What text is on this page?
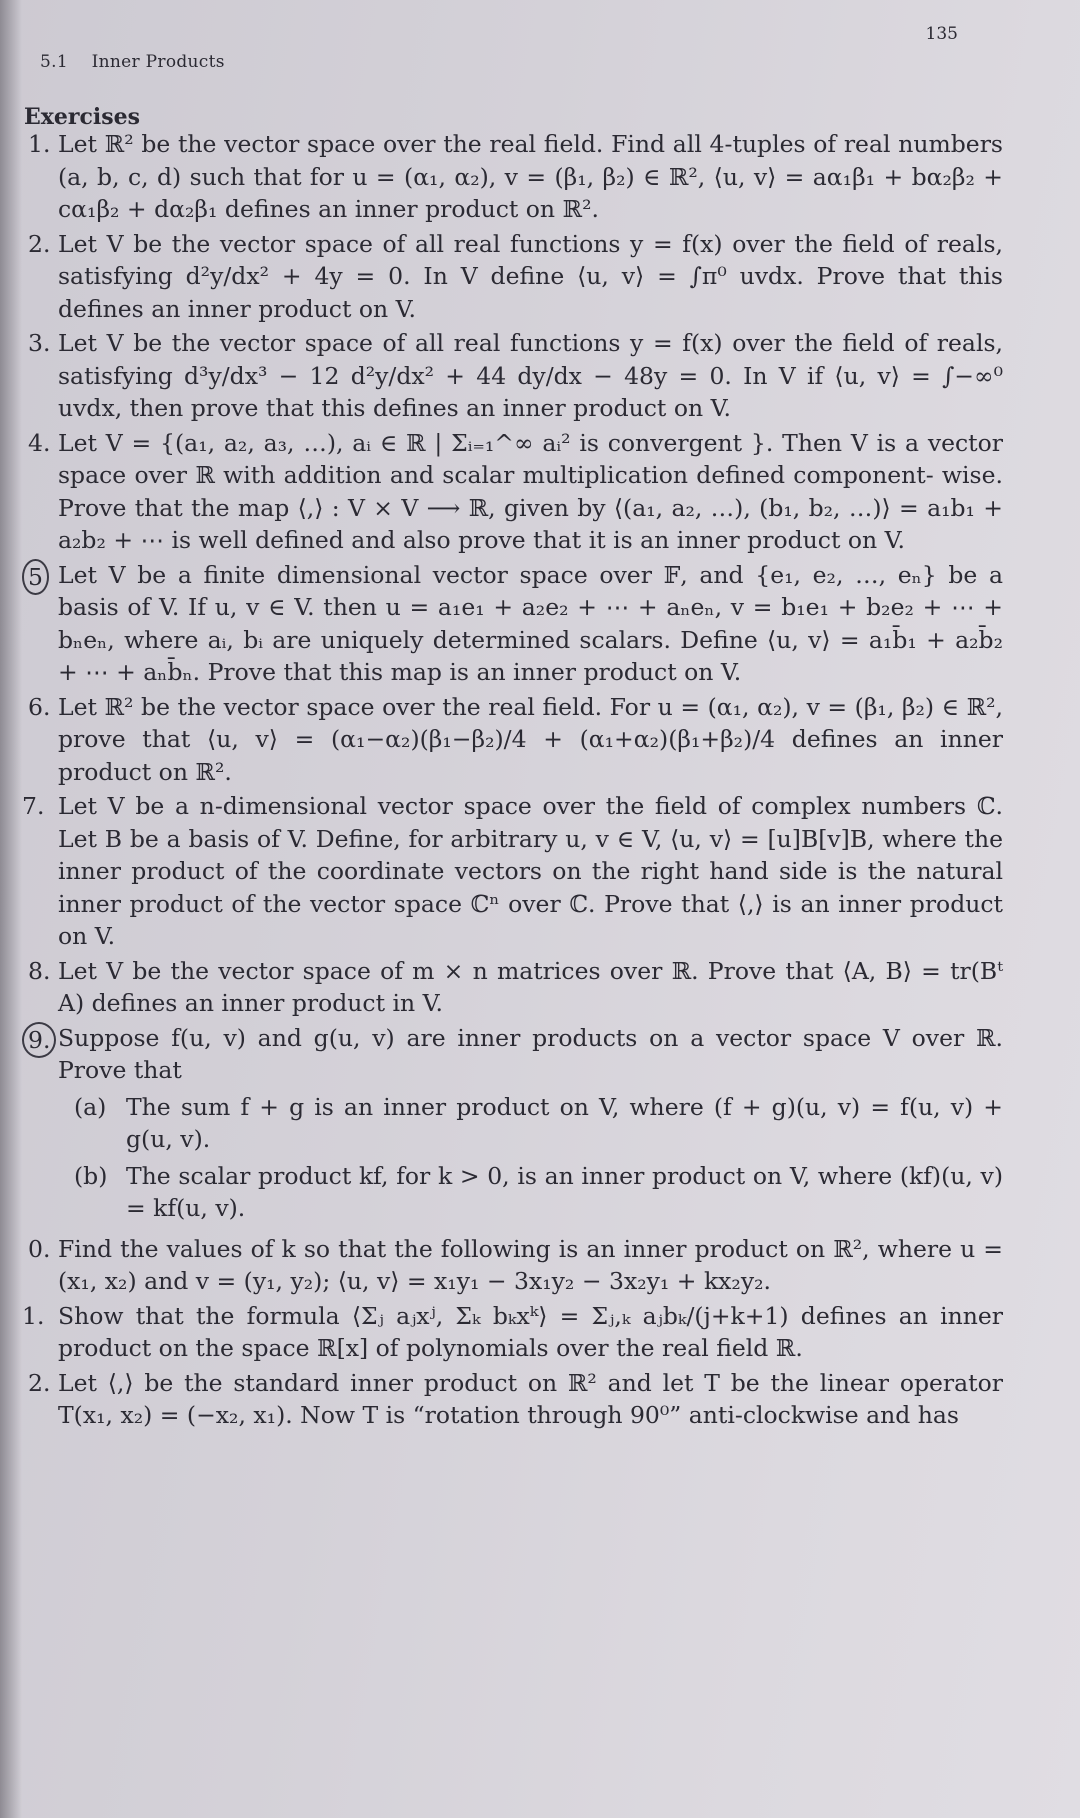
5.1 Inner Products
135
Exercises
1. Let ℝ² be the vector space over the real field. Find all 4-tuples of real numbers (a, b, c, d) such that for u = (α₁, α₂), v = (β₁, β₂) ∈ ℝ², ⟨u, v⟩ = aα₁β₁ + bα₂β₂ + cα₁β₂ + dα₂β₁ defines an inner product on ℝ².
2. Let V be the vector space of all real functions y = f(x) over the field of reals, satisfying d²y/dx² + 4y = 0. In V define ⟨u, v⟩ = ∫π⁰ uvdx. Prove that this defines an inner product on V.
3. Let V be the vector space of all real functions y = f(x) over the field of reals, satisfying d³y/dx³ − 12 d²y/dx² + 44 dy/dx − 48y = 0. In V if ⟨u, v⟩ = ∫−∞⁰ uvdx, then prove that this defines an inner product on V.
4. Let V = {(a₁, a₂, a₃, …), aᵢ ∈ ℝ | Σᵢ₌₁^∞ aᵢ² is convergent }. Then V is a vector space over ℝ with addition and scalar multiplication defined component- wise. Prove that the map ⟨,⟩ : V × V ⟶ ℝ, given by ⟨(a₁, a₂, …), (b₁, b₂, …)⟩ = a₁b₁ + a₂b₂ + ⋯ is well defined and also prove that it is an inner product on V.
5 Let V be a finite dimensional vector space over 𝔽, and {e₁, e₂, …, eₙ} be a basis of V. If u, v ∈ V. then u = a₁e₁ + a₂e₂ + ⋯ + aₙeₙ, v = b₁e₁ + b₂e₂ + ⋯ + bₙeₙ, where aᵢ, bᵢ are uniquely determined scalars. Define ⟨u, v⟩ = a₁b̄₁ + a₂b̄₂ + ⋯ + aₙb̄ₙ. Prove that this map is an inner product on V.
6. Let ℝ² be the vector space over the real field. For u = (α₁, α₂), v = (β₁, β₂) ∈ ℝ², prove that ⟨u, v⟩ = (α₁−α₂)(β₁−β₂)/4 + (α₁+α₂)(β₁+β₂)/4 defines an inner product on ℝ².
7. Let V be a n-dimensional vector space over the field of complex numbers ℂ. Let B be a basis of V. Define, for arbitrary u, v ∈ V, ⟨u, v⟩ = [u]B[v]B, where the inner product of the coordinate vectors on the right hand side is the natural inner product of the vector space ℂⁿ over ℂ. Prove that ⟨,⟩ is an inner product on V.
8. Let V be the vector space of m × n matrices over ℝ. Prove that ⟨A, B⟩ = tr(Bᵗ A) defines an inner product in V.
9. Suppose f(u, v) and g(u, v) are inner products on a vector space V over ℝ. Prove that
(a) The sum f + g is an inner product on V, where (f + g)(u, v) = f(u, v) + g(u, v).
(b) The scalar product kf, for k > 0, is an inner product on V, where (kf)(u, v) = kf(u, v).
0. Find the values of k so that the following is an inner product on ℝ², where u = (x₁, x₂) and v = (y₁, y₂); ⟨u, v⟩ = x₁y₁ − 3x₁y₂ − 3x₂y₁ + kx₂y₂.
1. Show that the formula ⟨Σⱼ aⱼxʲ, Σₖ bₖxᵏ⟩ = Σⱼ,ₖ aⱼbₖ/(j+k+1) defines an inner product on the space ℝ[x] of polynomials over the real field ℝ.
2. Let ⟨,⟩ be the standard inner product on ℝ² and let T be the linear operator T(x₁, x₂) = (−x₂, x₁). Now T is “rotation through 90⁰” anti-clockwise and has
